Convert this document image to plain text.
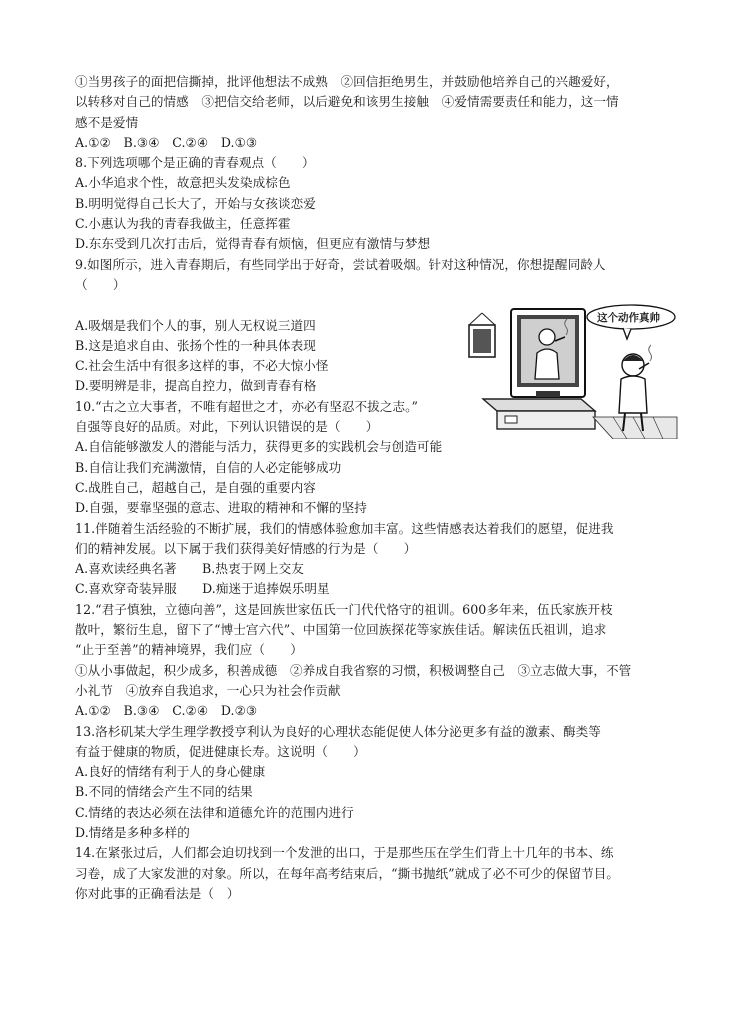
①当男孩子的面把信撕掉，批评他想法不成熟　②回信拒绝男生，并鼓励他培养自己的兴趣爱好，
以转移对自己的情感　③把信交给老师，以后避免和该男生接触　④爱情需要责任和能力，这一情
感不是爱情
A.①②　B.③④　C.②④　D.①③
8.下列选项哪个是正确的青春观点（　　）
A.小华追求个性，故意把头发染成棕色
B.明明觉得自己长大了，开始与女孩谈恋爱
C.小惠认为我的青春我做主，任意挥霍
D.东东受到几次打击后，觉得青春有烦恼，但更应有激情与梦想
9.如图所示，进入青春期后，有些同学出于好奇，尝试着吸烟。针对这种情况，你想提醒同龄人
（　　）

A.吸烟是我们个人的事，别人无权说三道四
B.这是追求自由、张扬个性的一种具体表现
C.社会生活中有很多这样的事，不必大惊小怪
D.要明辨是非，提高自控力，做到青春有格
10.“古之立大事者，不唯有超世之才，亦必有坚忍不拔之志。”
这个动作真帅
自强等良好的品质。对此，下列认识错误的是（　　）
A.自信能够激发人的潜能与活力，获得更多的实践机会与创造可能
B.自信让我们充满激情，自信的人必定能够成功
C.战胜自己，超越自己，是自强的重要内容
D.自强，要靠坚强的意志、进取的精神和不懈的坚持
11.伴随着生活经验的不断扩展，我们的情感体验愈加丰富。这些情感表达着我们的愿望，促进我
们的精神发展。以下属于我们获得美好情感的行为是（　　）
A.喜欢读经典名著　　B.热衷于网上交友
C.喜欢穿奇装异服　　D.痴迷于追捧娱乐明星
12.“君子慎独，立德向善”，这是回族世家伍氏一门代代恪守的祖训。600多年来，伍氏家族开枝
散叶，繁衍生息，留下了“博士宫六代”、中国第一位回族探花等家族佳话。解读伍氏祖训，追求
“止于至善”的精神境界，我们应（　　）
①从小事做起，积少成多，积善成德　②养成自我省察的习惯，积极调整自己　③立志做大事，不管
小礼节　④放弃自我追求，一心只为社会作贡献
A.①②　B.③④　C.②④　D.②③
13.洛杉矶某大学生理学教授亨利认为良好的心理状态能促使人体分泌更多有益的激素、酶类等
有益于健康的物质，促进健康长寿。这说明（　　）
A.良好的情绪有利于人的身心健康
B.不同的情绪会产生不同的结果
C.情绪的表达必须在法律和道德允许的范围内进行
D.情绪是多种多样的
14.在紧张过后，人们都会迫切找到一个发泄的出口，于是那些压在学生们背上十几年的书本、练
习卷，成了大家发泄的对象。所以，在每年高考结束后，“撕书抛纸”就成了必不可少的保留节目。
你对此事的正确看法是（　）
